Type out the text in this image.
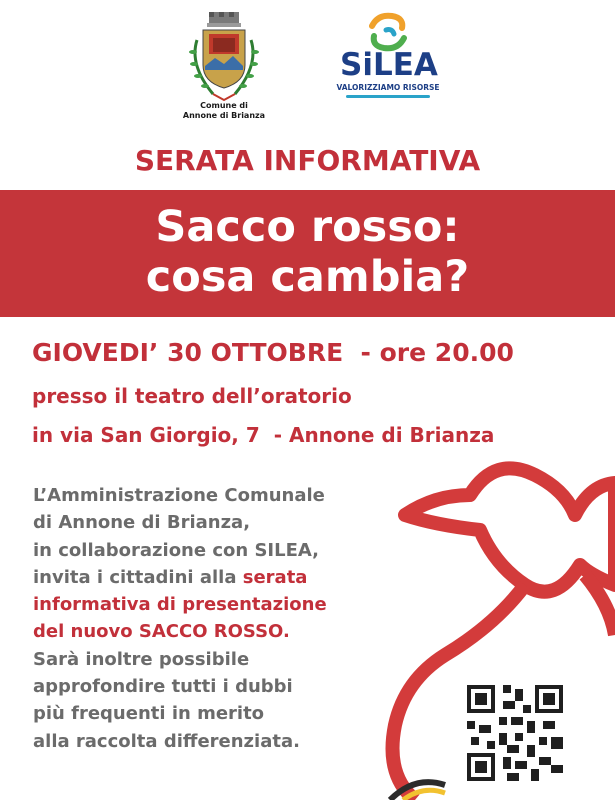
Comune di
Annone di Brianza
SiLEA
VALORIZZIAMO RISORSE
SERATA INFORMATIVA
Sacco rosso:
cosa cambia?
GIOVEDI’ 30 OTTOBRE  - ore 20.00
presso il teatro dell’oratorio
in via San Giorgio, 7  - Annone di Brianza
L’Amministrazione Comunale
di Annone di Brianza,
in collaborazione con SILEA,
invita i cittadini alla serata
informativa di presentazione
del nuovo SACCO ROSSO.
Sarà inoltre possibile
approfondire tutti i dubbi
più frequenti in merito
alla raccolta differenziata.
